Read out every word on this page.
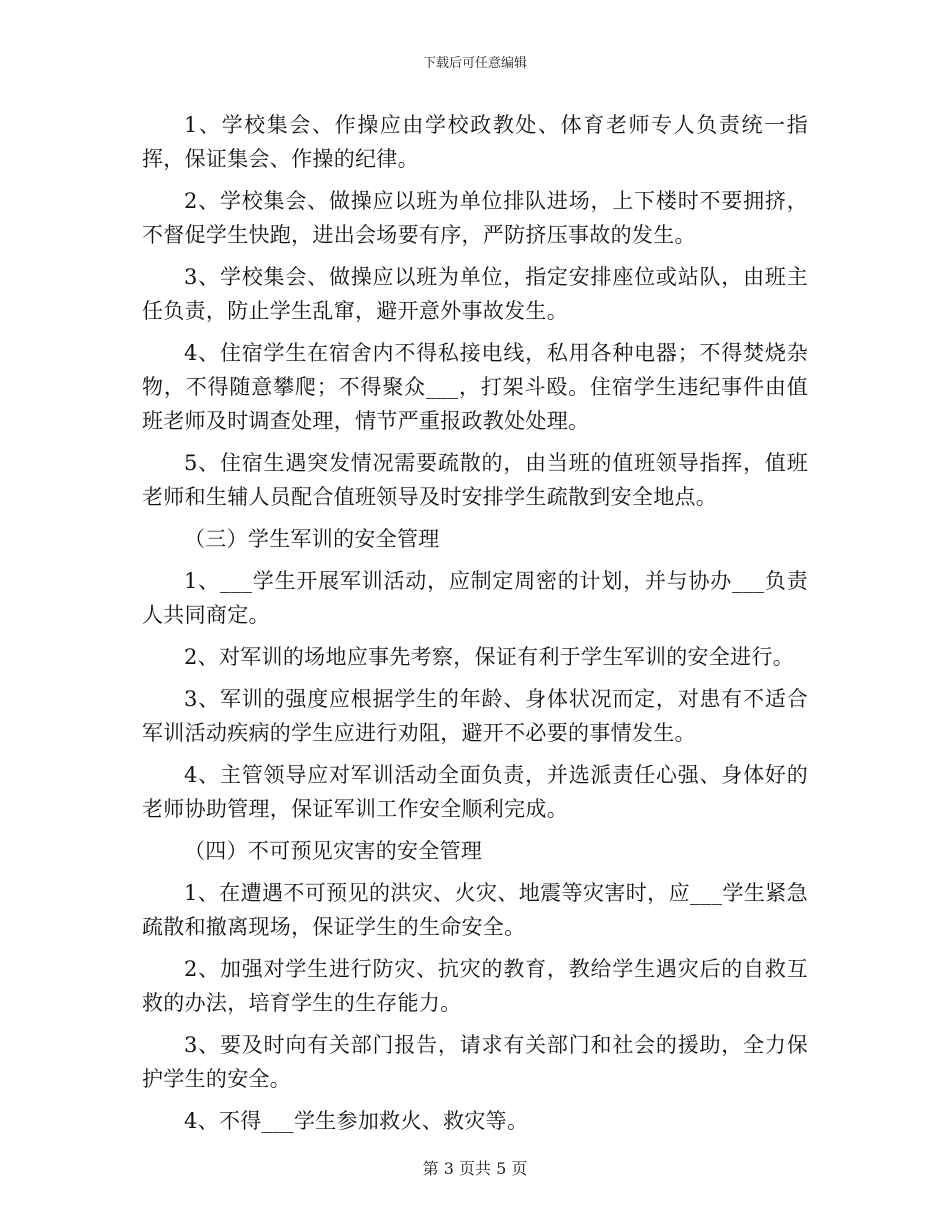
下载后可任意编辑

1、学校集会、作操应由学校政教处、体育老师专人负责统一指挥，保证集会、作操的纪律。

2、学校集会、做操应以班为单位排队进场，上下楼时不要拥挤，不督促学生快跑，进出会场要有序，严防挤压事故的发生。

3、学校集会、做操应以班为单位，指定安排座位或站队，由班主任负责，防止学生乱窜，避开意外事故发生。

4、住宿学生在宿舍内不得私接电线，私用各种电器；不得焚烧杂物，不得随意攀爬；不得聚众___，打架斗殴。住宿学生违纪事件由值班老师及时调查处理，情节严重报政教处处理。

5、住宿生遇突发情况需要疏散的，由当班的值班领导指挥，值班老师和生辅人员配合值班领导及时安排学生疏散到安全地点。

（三）学生军训的安全管理

1、___学生开展军训活动，应制定周密的计划，并与协办___负责人共同商定。

2、对军训的场地应事先考察，保证有利于学生军训的安全进行。

3、军训的强度应根据学生的年龄、身体状况而定，对患有不适合军训活动疾病的学生应进行劝阻，避开不必要的事情发生。

4、主管领导应对军训活动全面负责，并选派责任心强、身体好的老师协助管理，保证军训工作安全顺利完成。

（四）不可预见灾害的安全管理

1、在遭遇不可预见的洪灾、火灾、地震等灾害时，应___学生紧急疏散和撤离现场，保证学生的生命安全。

2、加强对学生进行防灾、抗灾的教育，教给学生遇灾后的自救互救的办法，培育学生的生存能力。

3、要及时向有关部门报告，请求有关部门和社会的援助，全力保护学生的安全。

4、不得___学生参加救火、救灾等。

第 3 页共 5 页
